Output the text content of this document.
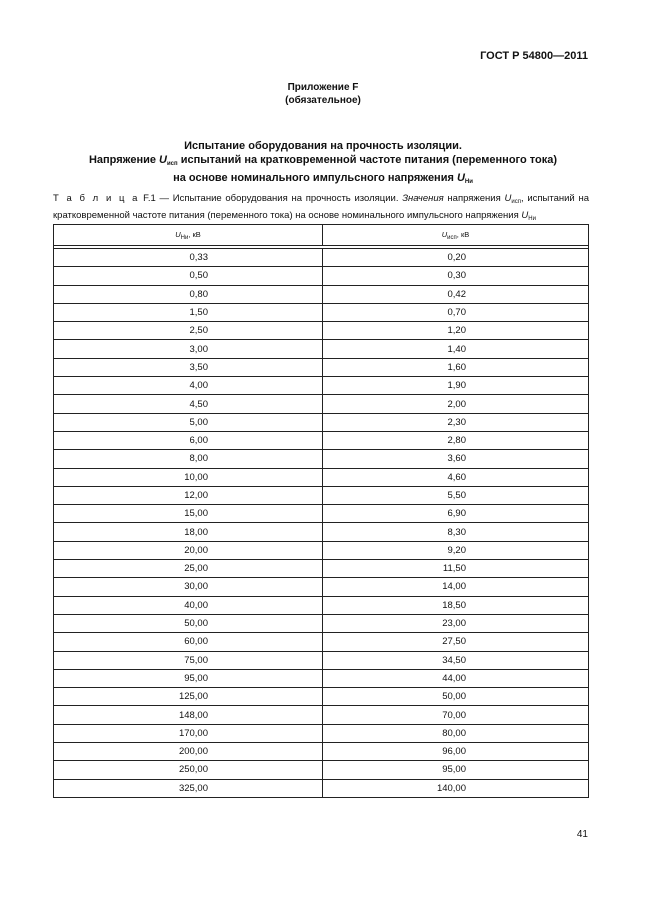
ГОСТ Р 54800—2011
Приложение F
(обязательное)
Испытание оборудования на прочность изоляции.
Напряжение $U_{исп}$ испытаний на кратковременной частоте питания (переменного тока)
на основе номинального импульсного напряжения $U_{Ни}$
Т а б л и ц а F.1 — Испытание оборудования на прочность изоляции. Значения напряжения $U_{исп}$, испытаний на кратковременной частоте питания (переменного тока) на основе номинального импульсного напряжения $U_{Ни}$
$U_{Ни}$, кВ	$U_{исп}$, кВ

0,33	0,20
0,50	0,30
0,80	0,42
1,50	0,70
2,50	1,20
3,00	1,40
3,50	1,60
4,00	1,90
4,50	2,00
5,00	2,30
6,00	2,80
8,00	3,60
10,00	4,60
12,00	5,50
15,00	6,90
18,00	8,30
20,00	9,20
25,00	11,50
30,00	14,00
40,00	18,50
50,00	23,00
60,00	27,50
75,00	34,50
95,00	44,00
125,00	50,00
148,00	70,00
170,00	80,00
200,00	96,00
250,00	95,00
325,00	140,00
41
